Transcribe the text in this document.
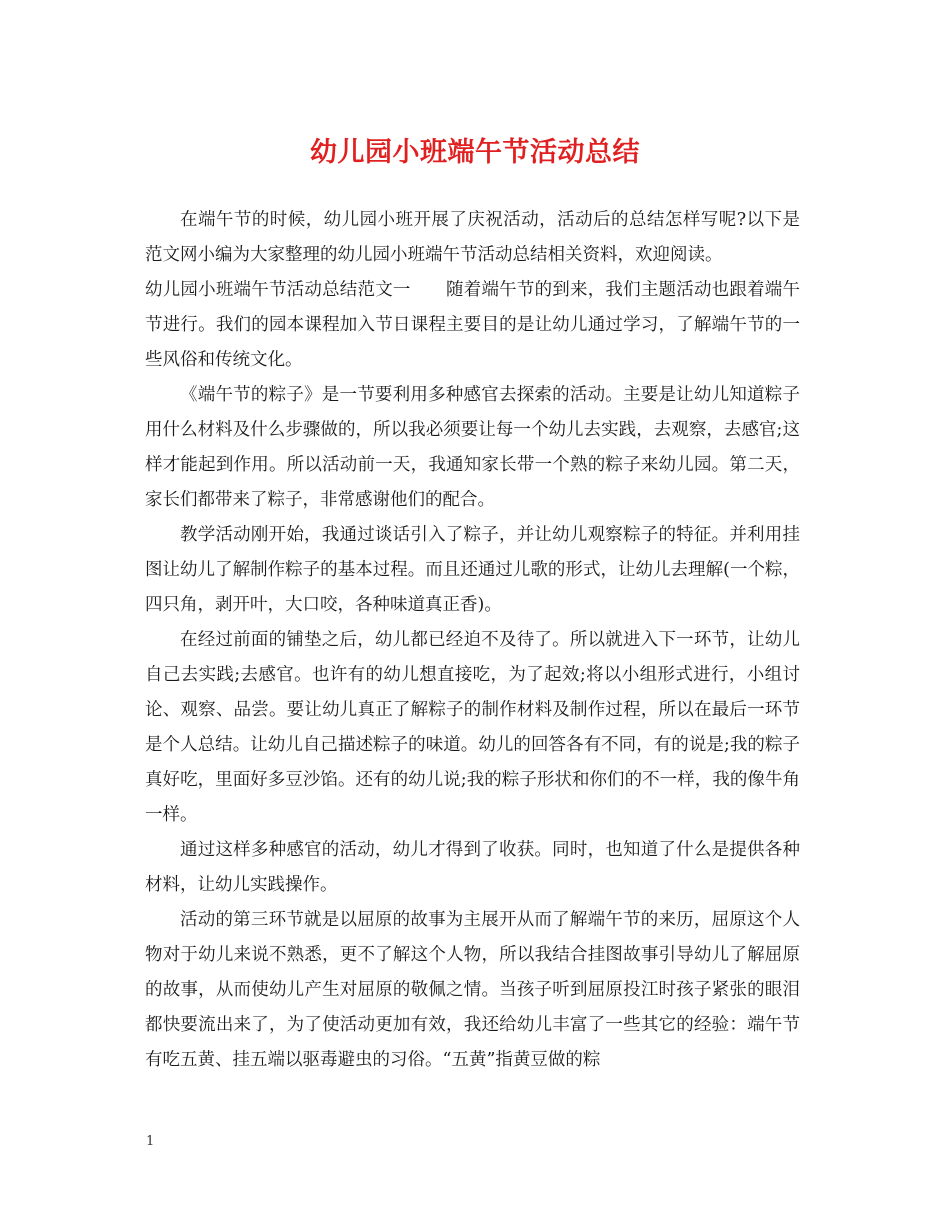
幼儿园小班端午节活动总结

在端午节的时候，幼儿园小班开展了庆祝活动，活动后的总结怎样写呢?以下是范文网小编为大家整理的幼儿园小班端午节活动总结相关资料，欢迎阅读。

幼儿园小班端午节活动总结范文一　　随着端午节的到来，我们主题活动也跟着端午节进行。我们的园本课程加入节日课程主要目的是让幼儿通过学习，了解端午节的一些风俗和传统文化。

《端午节的粽子》是一节要利用多种感官去探索的活动。主要是让幼儿知道粽子用什么材料及什么步骤做的，所以我必须要让每一个幼儿去实践，去观察，去感官;这样才能起到作用。所以活动前一天，我通知家长带一个熟的粽子来幼儿园。第二天，家长们都带来了粽子，非常感谢他们的配合。

教学活动刚开始，我通过谈话引入了粽子，并让幼儿观察粽子的特征。并利用挂图让幼儿了解制作粽子的基本过程。而且还通过儿歌的形式，让幼儿去理解(一个粽，四只角，剥开叶，大口咬，各种味道真正香)。

在经过前面的铺垫之后，幼儿都已经迫不及待了。所以就进入下一环节，让幼儿自己去实践;去感官。也许有的幼儿想直接吃，为了起效;将以小组形式进行，小组讨论、观察、品尝。要让幼儿真正了解粽子的制作材料及制作过程，所以在最后一环节是个人总结。让幼儿自己描述粽子的味道。幼儿的回答各有不同，有的说是;我的粽子真好吃，里面好多豆沙馅。还有的幼儿说;我的粽子形状和你们的不一样，我的像牛角一样。

通过这样多种感官的活动，幼儿才得到了收获。同时，也知道了什么是提供各种材料，让幼儿实践操作。

活动的第三环节就是以屈原的故事为主展开从而了解端午节的来历，屈原这个人物对于幼儿来说不熟悉，更不了解这个人物，所以我结合挂图故事引导幼儿了解屈原的故事，从而使幼儿产生对屈原的敬佩之情。当孩子听到屈原投江时孩子紧张的眼泪都快要流出来了，为了使活动更加有效，我还给幼儿丰富了一些其它的经验：端午节有吃五黄、挂五端以驱毒避虫的习俗。“五黄”指黄豆做的粽

1
